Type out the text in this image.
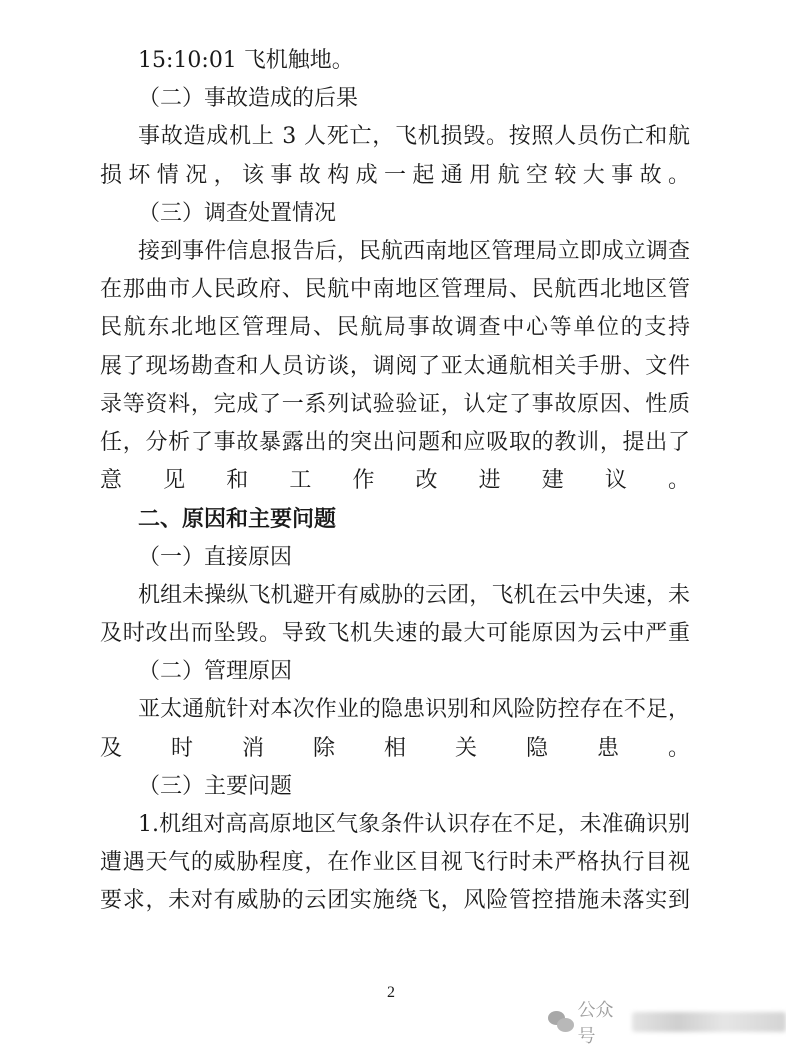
15:10:01 飞机触地。
（二）事故造成的后果
事故造成机上 3 人死亡，飞机损毁。按照人员伤亡和航
损坏情况，该事故构成一起通用航空较大事故。
（三）调查处置情况
接到事件信息报告后，民航西南地区管理局立即成立调查
在那曲市人民政府、民航中南地区管理局、民航西北地区管
民航东北地区管理局、民航局事故调查中心等单位的支持
展了现场勘查和人员访谈，调阅了亚太通航相关手册、文件
录等资料，完成了一系列试验验证，认定了事故原因、性质
任，分析了事故暴露出的突出问题和应吸取的教训，提出了
意见和工作改进建议。
二、原因和主要问题
（一）直接原因
机组未操纵飞机避开有威胁的云团，飞机在云中失速，未
及时改出而坠毁。导致飞机失速的最大可能原因为云中严重
（二）管理原因
亚太通航针对本次作业的隐患识别和风险防控存在不足，
及时消除相关隐患。
（三）主要问题
1.机组对高高原地区气象条件认识存在不足，未准确识别
遭遇天气的威胁程度，在作业区目视飞行时未严格执行目视
要求，未对有威胁的云团实施绕飞，风险管控措施未落实到
2
公众号
